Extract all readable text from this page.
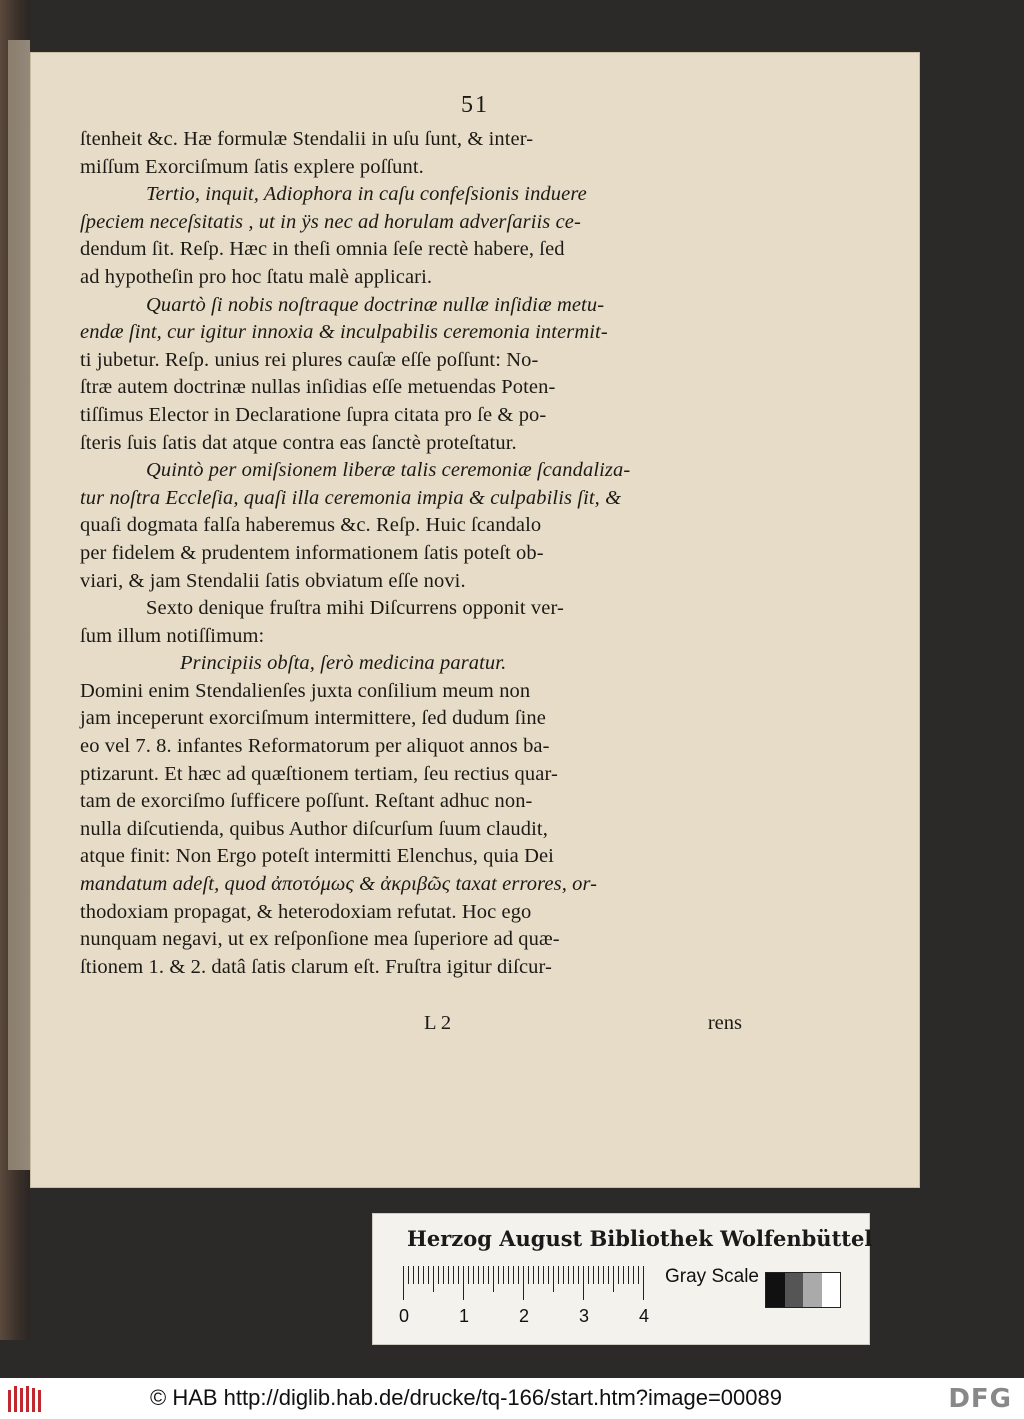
51
ſtenheit &c. Hæ formulæ Stendalii in uſu ſunt, & inter-
miſſum Exorciſmum ſatis explere poſſunt.
Tertio, inquit, Adiophora in caſu confeſsionis induere
ſpeciem neceſsitatis , ut in ÿs nec ad horulam adverſariis ce-
dendum ſit. Reſp. Hæc in theſi omnia ſeſe rectè habere, ſed
ad hypotheſin pro hoc ſtatu malè applicari.
Quartò ſi nobis noſtraque doctrinæ nullæ inſidiæ metu-
endæ ſint, cur igitur innoxia & inculpabilis ceremonia intermit-
ti jubetur. Reſp. unius rei plures cauſæ eſſe poſſunt: No-
ſtræ autem doctrinæ nullas inſidias eſſe metuendas Poten-
tiſſimus Elector in Declaratione ſupra citata pro ſe & po-
ſteris ſuis ſatis dat atque contra eas ſanctè proteſtatur.
Quintò per omiſsionem liberæ talis ceremoniæ ſcandaliza-
tur noſtra Eccleſia, quaſi illa ceremonia impia & culpabilis ſit, &
quaſi dogmata falſa haberemus &c. Reſp. Huic ſcandalo
per fidelem & prudentem informationem ſatis poteſt ob-
viari, & jam Stendalii ſatis obviatum eſſe novi.
Sexto denique fruſtra mihi Diſcurrens opponit ver-
ſum illum notiſſimum:
Principiis obſta, ſerò medicina paratur.
Domini enim Stendalienſes juxta conſilium meum non
jam inceperunt exorciſmum intermittere, ſed dudum ſine
eo vel 7. 8. infantes Reformatorum per aliquot annos ba-
ptizarunt. Et hæc ad quæſtionem tertiam, ſeu rectius quar-
tam de exorciſmo ſufficere poſſunt. Reſtant adhuc non-
nulla diſcutienda, quibus Author diſcurſum ſuum claudit,
atque finit: Non Ergo poteſt intermitti Elenchus, quia Dei
mandatum adeſt, quod ἀποτόμως & ἀκριβῶς taxat errores, or-
thodoxiam propagat, & heterodoxiam refutat. Hoc ego
nunquam negavi, ut ex reſponſione mea ſuperiore ad quæ-
ſtionem 1. & 2. datâ ſatis clarum eſt. Fruſtra igitur diſcur-
L 2	rens
Herzog August Bibliothek Wolfenbüttel
0	1	2	3	4
Gray Scale
© HAB http://diglib.hab.de/drucke/tq-166/start.htm?image=00089	DFG
